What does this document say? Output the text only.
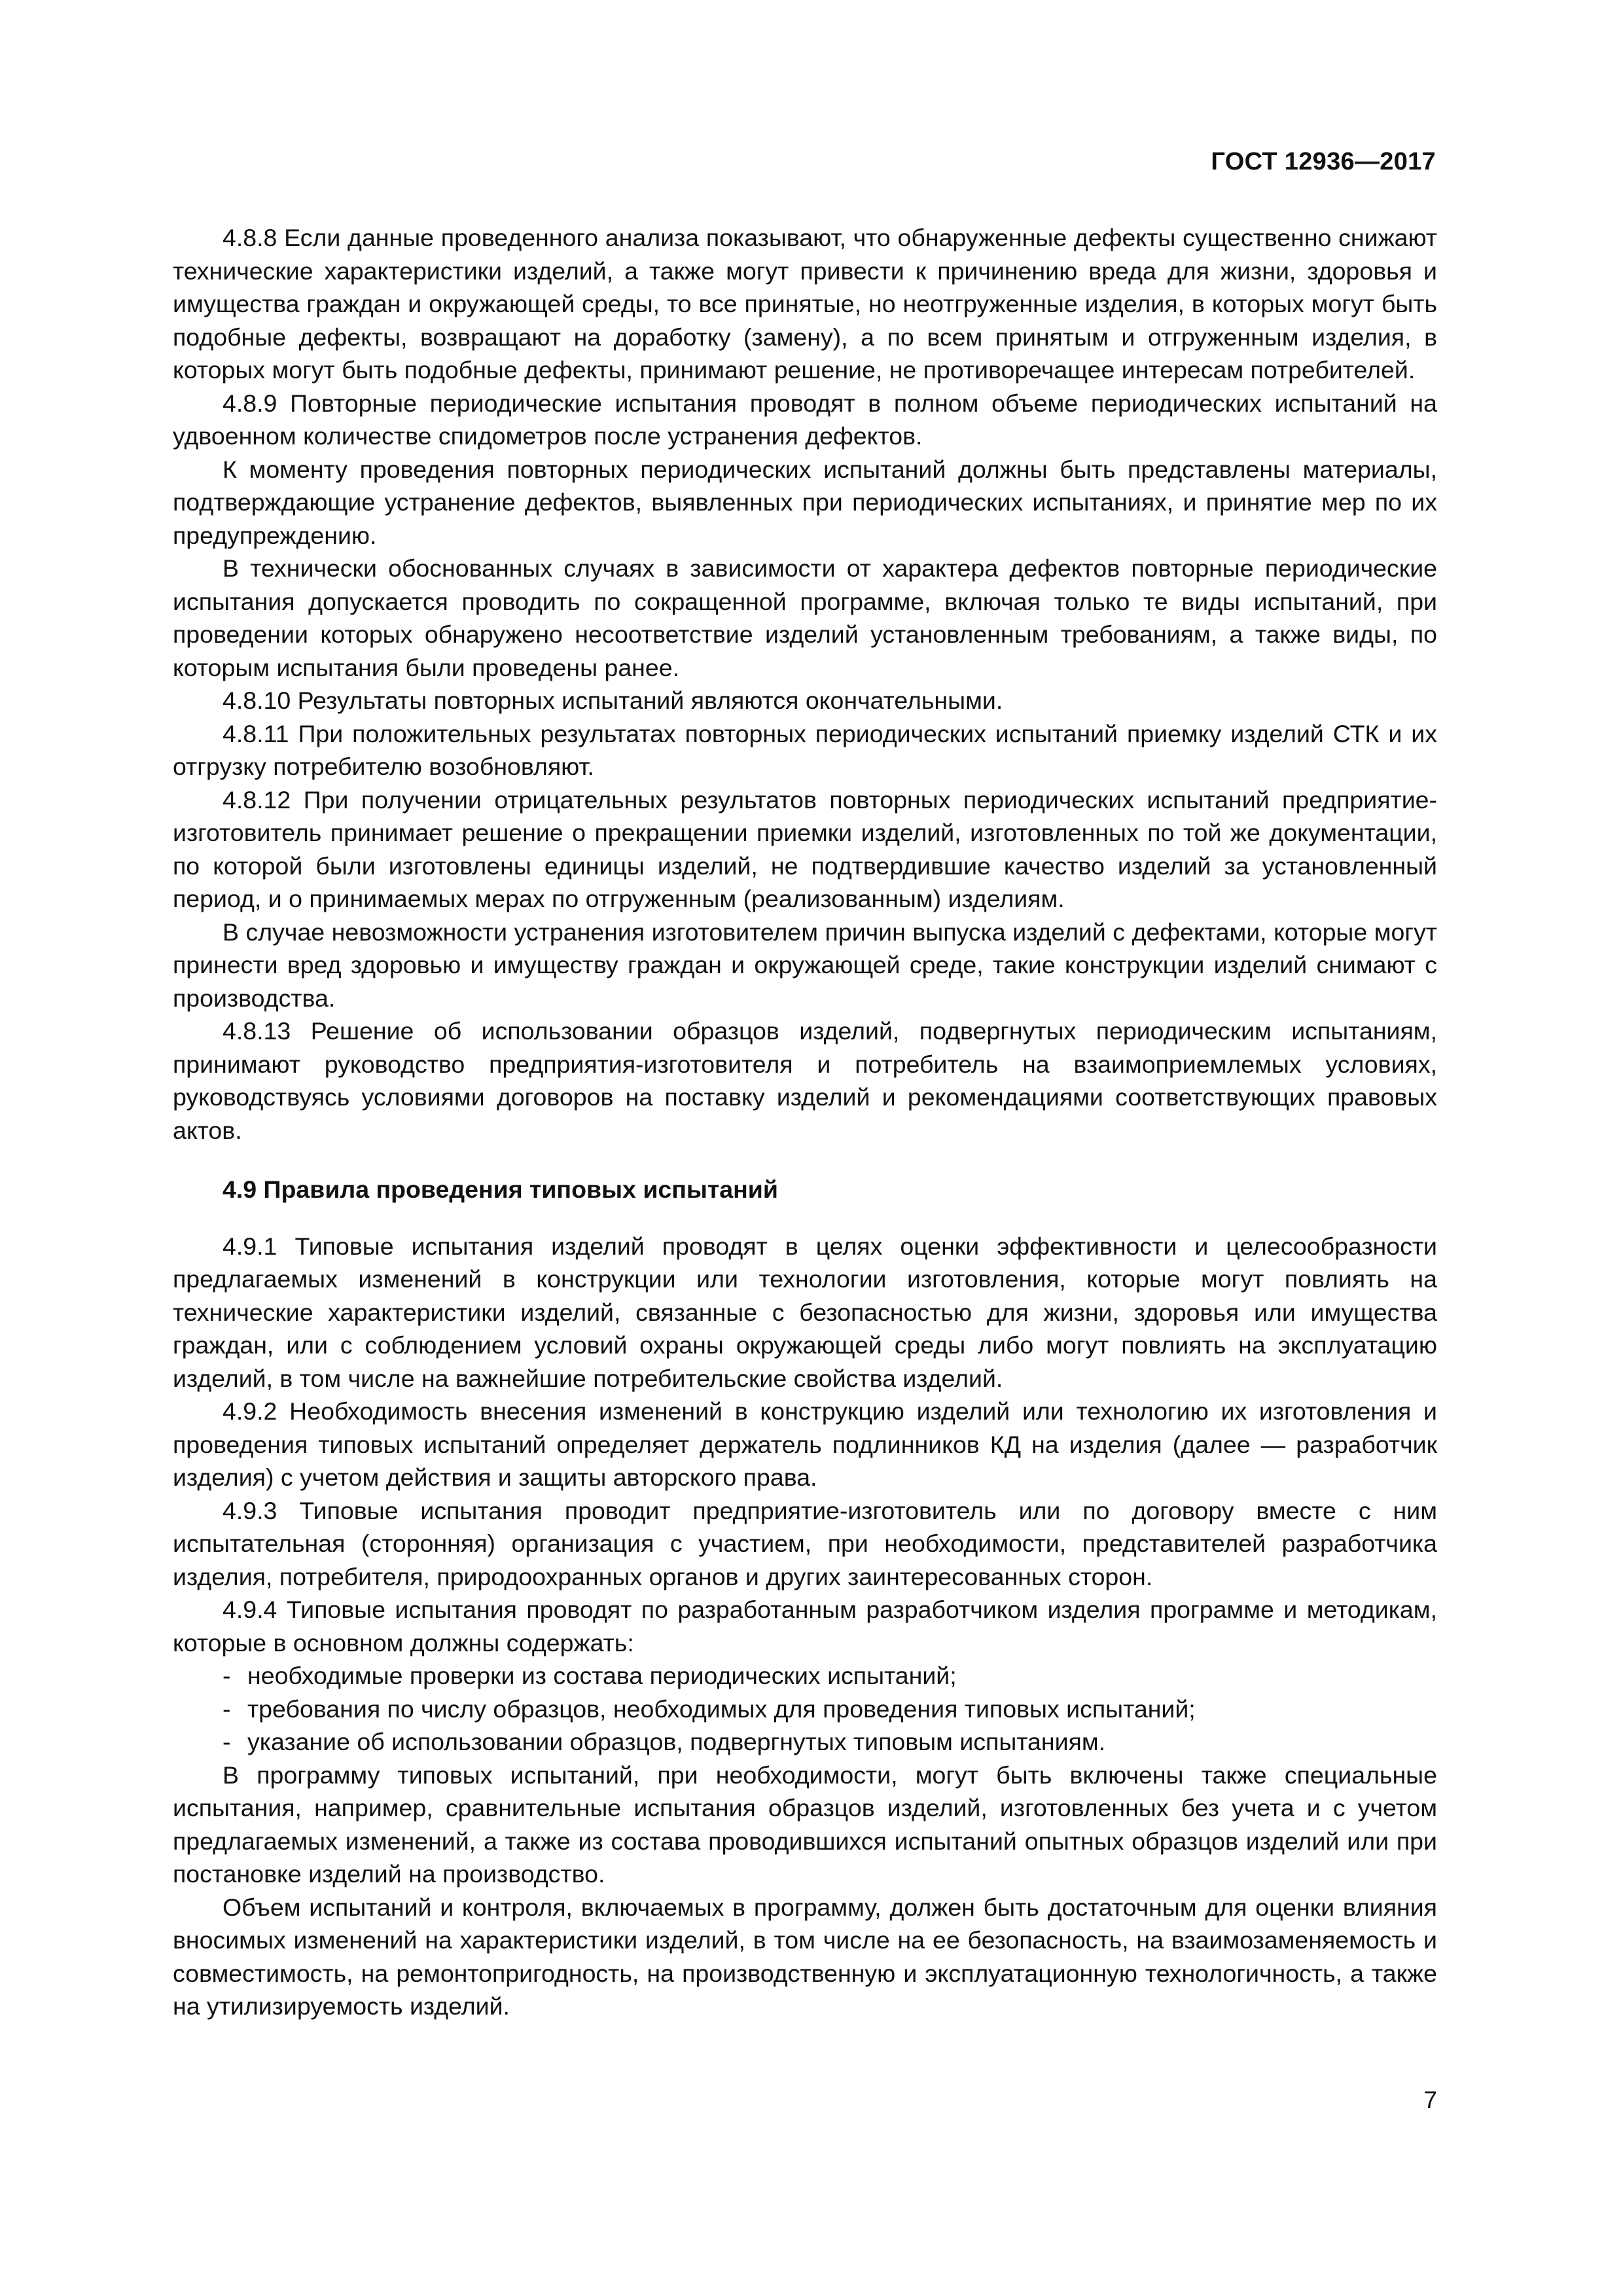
ГОСТ 12936—2017

4.8.8 Если данные проведенного анализа показывают, что обнаруженные дефекты существенно снижают технические характеристики изделий, а также могут привести к причинению вреда для жизни, здоровья и имущества граждан и окружающей среды, то все принятые, но неотгруженные изделия, в которых могут быть подобные дефекты, возвращают на доработку (замену), а по всем принятым и отгруженным изделия, в которых могут быть подобные дефекты, принимают решение, не противоречащее интересам потребителей.

4.8.9 Повторные периодические испытания проводят в полном объеме периодических испытаний на удвоенном количестве спидометров после устранения дефектов.

К моменту проведения повторных периодических испытаний должны быть представлены материалы, подтверждающие устранение дефектов, выявленных при периодических испытаниях, и принятие мер по их предупреждению.

В технически обоснованных случаях в зависимости от характера дефектов повторные периодические испытания допускается проводить по сокращенной программе, включая только те виды испытаний, при проведении которых обнаружено несоответствие изделий установленным требованиям, а также виды, по которым испытания были проведены ранее.

4.8.10 Результаты повторных испытаний являются окончательными.

4.8.11 При положительных результатах повторных периодических испытаний приемку изделий СТК и их отгрузку потребителю возобновляют.

4.8.12 При получении отрицательных результатов повторных периодических испытаний предприятие-изготовитель принимает решение о прекращении приемки изделий, изготовленных по той же документации, по которой были изготовлены единицы изделий, не подтвердившие качество изделий за установленный период, и о принимаемых мерах по отгруженным (реализованным) изделиям.

В случае невозможности устранения изготовителем причин выпуска изделий с дефектами, которые могут принести вред здоровью и имуществу граждан и окружающей среде, такие конструкции изделий снимают с производства.

4.8.13 Решение об использовании образцов изделий, подвергнутых периодическим испытаниям, принимают руководство предприятия-изготовителя и потребитель на взаимоприемлемых условиях, руководствуясь условиями договоров на поставку изделий и рекомендациями соответствующих правовых актов.

4.9 Правила проведения типовых испытаний

4.9.1 Типовые испытания изделий проводят в целях оценки эффективности и целесообразности предлагаемых изменений в конструкции или технологии изготовления, которые могут повлиять на технические характеристики изделий, связанные с безопасностью для жизни, здоровья или имущества граждан, или с соблюдением условий охраны окружающей среды либо могут повлиять на эксплуатацию изделий, в том числе на важнейшие потребительские свойства изделий.

4.9.2 Необходимость внесения изменений в конструкцию изделий или технологию их изготовления и проведения типовых испытаний определяет держатель подлинников КД на изделия (далее — разработчик изделия) с учетом действия и защиты авторского права.

4.9.3 Типовые испытания проводит предприятие-изготовитель или по договору вместе с ним испытательная (сторонняя) организация с участием, при необходимости, представителей разработчика изделия, потребителя, природоохранных органов и других заинтересованных сторон.

4.9.4 Типовые испытания проводят по разработанным разработчиком изделия программе и методикам, которые в основном должны содержать:

- необходимые проверки из состава периодических испытаний;

- требования по числу образцов, необходимых для проведения типовых испытаний;

- указание об использовании образцов, подвергнутых типовым испытаниям.

В программу типовых испытаний, при необходимости, могут быть включены также специальные испытания, например, сравнительные испытания образцов изделий, изготовленных без учета и с учетом предлагаемых изменений, а также из состава проводившихся испытаний опытных образцов изделий или при постановке изделий на производство.

Объем испытаний и контроля, включаемых в программу, должен быть достаточным для оценки влияния вносимых изменений на характеристики изделий, в том числе на ее безопасность, на взаимозаменяемость и совместимость, на ремонтопригодность, на производственную и эксплуатационную технологичность, а также на утилизируемость изделий.

7
